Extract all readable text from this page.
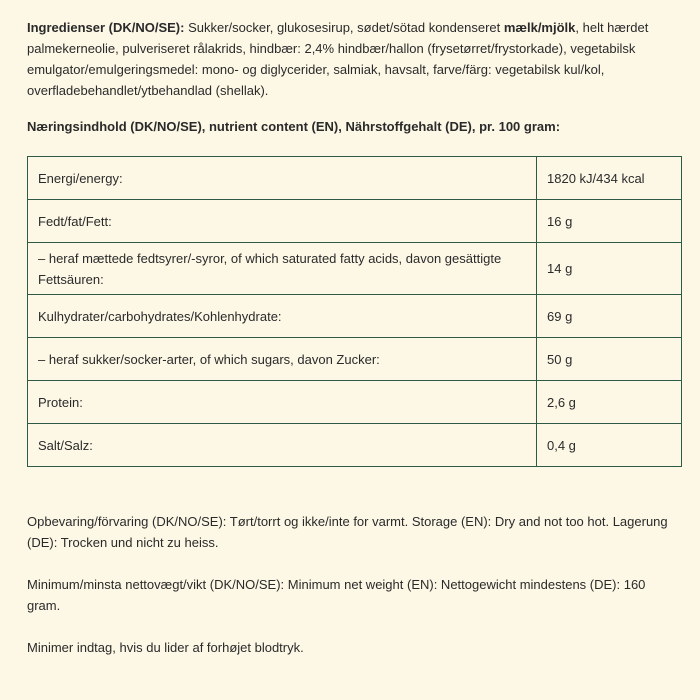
Ingredienser (DK/NO/SE): Sukker/socker, glukosesirup, sødet/sötad kondenseret mælk/mjölk, helt hærdet palmekerneolie, pulveriseret rålakrids, hindbær: 2,4% hindbær/hallon (frysetørret/frystorkade), vegetabilsk emulgator/emulgeringsmedel: mono- og diglycerider, salmiak, havsalt, farve/färg: vegetabilsk kul/kol, overfladebehandlet/ytbehandlad (shellak).

Næringsindhold (DK/NO/SE), nutrient content (EN), Nährstoffgehalt (DE), pr. 100 gram:

Energi/energy:	1820 kJ/434 kcal
Fedt/fat/Fett:	16 g
– heraf mættede fedtsyrer/-syror, of which saturated fatty acids, davon gesättigte Fettsäuren:	14 g
Kulhydrater/carbohydrates/Kohlenhydrate:	69 g
– heraf sukker/socker-arter, of which sugars, davon Zucker:	50 g
Protein:	2,6 g
Salt/Salz:	0,4 g

Opbevaring/förvaring (DK/NO/SE): Tørt/torrt og ikke/inte for varmt. Storage (EN): Dry and not too hot. Lagerung (DE): Trocken und nicht zu heiss.

Minimum/minsta nettovægt/vikt (DK/NO/SE): Minimum net weight (EN): Nettogewicht mindestens (DE): 160 gram.

Minimer indtag, hvis du lider af forhøjet blodtryk.
